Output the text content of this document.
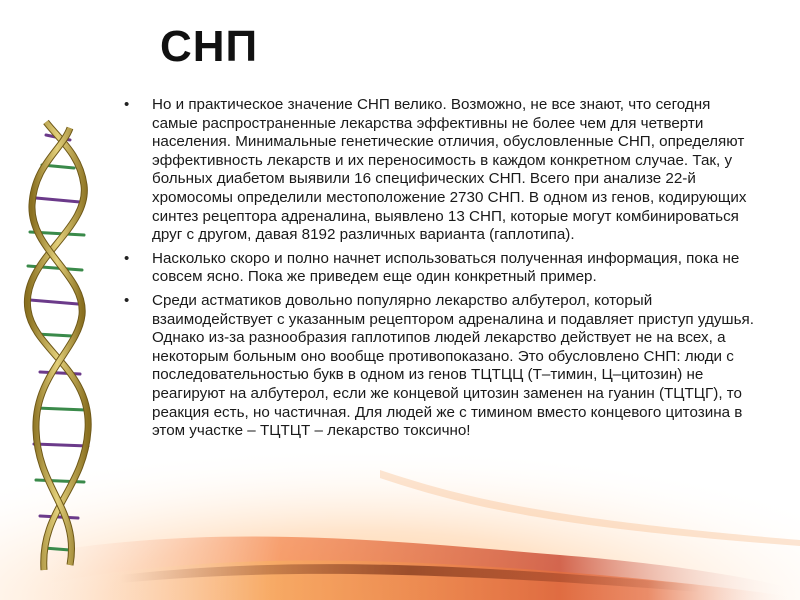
СНП
• Но и практическое значение СНП велико. Возможно, не все знают, что сегодня самые распространенные лекарства эффективны не более чем для четверти населения. Минимальные генетические отличия, обусловленные СНП, определяют эффективность лекарств и их переносимость в каждом конкретном случае. Так, у больных диабетом выявили 16 специфических СНП. Всего при анализе 22-й хромосомы определили местоположение 2730 СНП. В одном из генов, кодирующих синтез рецептора адреналина, выявлено 13 СНП, которые могут комбинироваться друг с другом, давая 8192 различных варианта (гаплотипа).
• Насколько скоро и полно начнет использоваться полученная информация, пока не совсем ясно. Пока же приведем еще один конкретный пример.
• Среди астматиков довольно популярно лекарство албутерол, который взаимодействует с указанным рецептором адреналина и подавляет приступ удушья. Однако из-за разнообразия гаплотипов людей лекарство действует не на всех, а некоторым больным оно вообще противопоказано. Это обусловлено СНП: люди с последовательностью букв в одном из генов ТЦТЦЦ (Т–тимин, Ц–цитозин) не реагируют на албутерол, если же концевой цитозин заменен на гуанин (ТЦТЦГ), то реакция есть, но частичная. Для людей же с тимином вместо концевого цитозина в этом участке – ТЦТЦТ – лекарство токсично!
